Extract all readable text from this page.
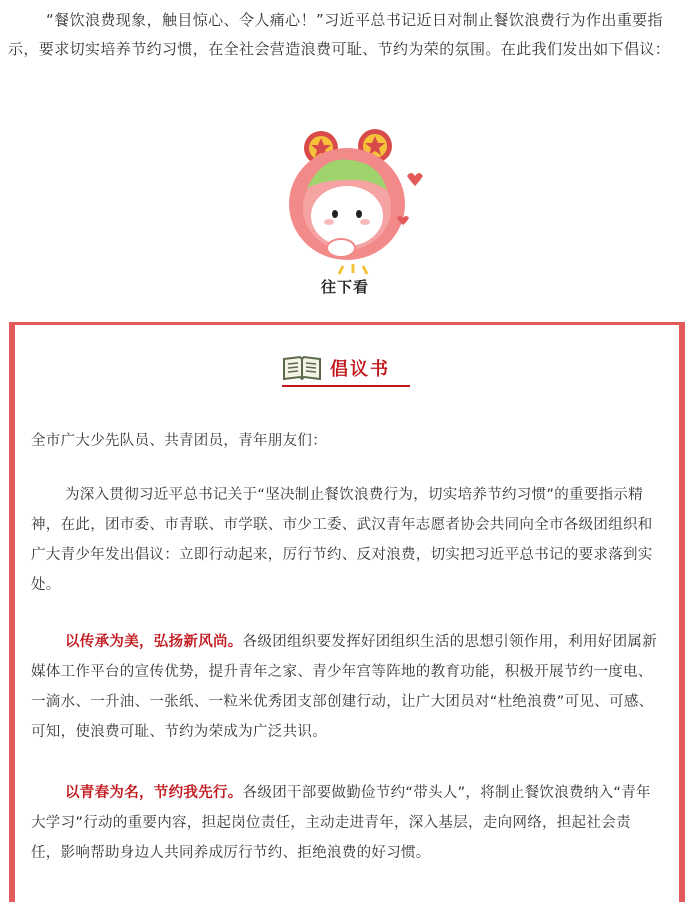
“餐饮浪费现象，触目惊心、令人痛心！”习近平总书记近日对制止餐饮浪费行为作出重要指示，要求切实培养节约习惯，在全社会营造浪费可耻、节约为荣的氛围。在此我们发出如下倡议：

往下看
倡议书

全市广大少先队员、共青团员，青年朋友们：

为深入贯彻习近平总书记关于“坚决制止餐饮浪费行为，切实培养节约习惯”的重要指示精神，在此，团市委、市青联、市学联、市少工委、武汉青年志愿者协会共同向全市各级团组织和广大青少年发出倡议：立即行动起来，厉行节约、反对浪费，切实把习近平总书记的要求落到实处。

以传承为美，弘扬新风尚。各级团组织要发挥好团组织生活的思想引领作用，利用好团属新媒体工作平台的宣传优势，提升青年之家、青少年宫等阵地的教育功能，积极开展节约一度电、一滴水、一升油、一张纸、一粒米优秀团支部创建行动，让广大团员对“杜绝浪费”可见、可感、可知，使浪费可耻、节约为荣成为广泛共识。

以青春为名，节约我先行。各级团干部要做勤俭节约“带头人”，将制止餐饮浪费纳入“青年大学习”行动的重要内容，担起岗位责任，主动走进青年，深入基层，走向网络，担起社会责任，影响帮助身边人共同养成厉行节约、拒绝浪费的好习惯。
